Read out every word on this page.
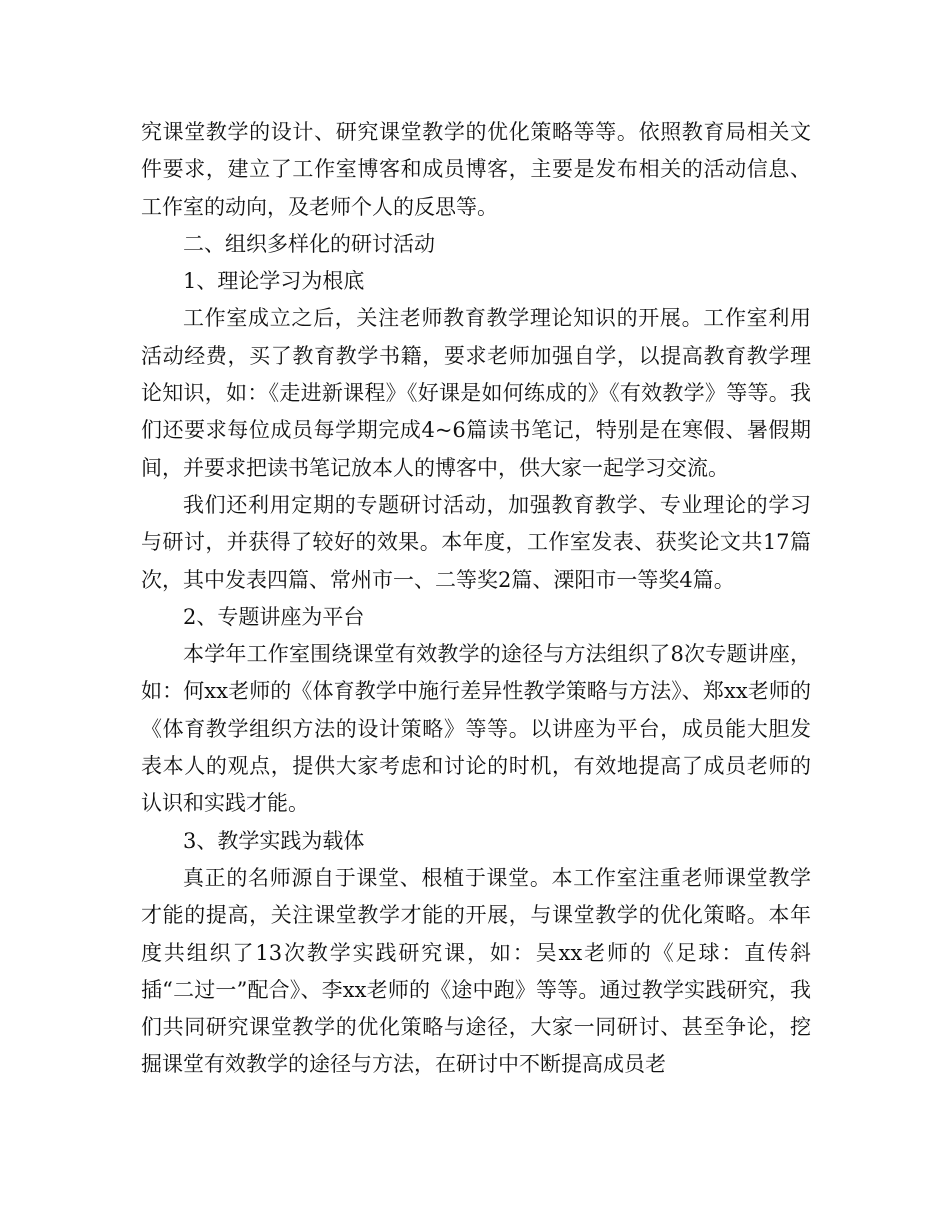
究课堂教学的设计、研究课堂教学的优化策略等等。依照教育局相关文件要求，建立了工作室博客和成员博客，主要是发布相关的活动信息、工作室的动向，及老师个人的反思等。

二、组织多样化的研讨活动

1、理论学习为根底

工作室成立之后，关注老师教育教学理论知识的开展。工作室利用活动经费，买了教育教学书籍，要求老师加强自学，以提高教育教学理论知识，如：《走进新课程》《好课是如何练成的》《有效教学》等等。我们还要求每位成员每学期完成4~6篇读书笔记，特别是在寒假、暑假期间，并要求把读书笔记放本人的博客中，供大家一起学习交流。

我们还利用定期的专题研讨活动，加强教育教学、专业理论的学习与研讨，并获得了较好的效果。本年度，工作室发表、获奖论文共17篇次，其中发表四篇、常州市一、二等奖2篇、溧阳市一等奖4篇。

2、专题讲座为平台

本学年工作室围绕课堂有效教学的途径与方法组织了8次专题讲座，如：何xx老师的《体育教学中施行差异性教学策略与方法》、郑xx老师的《体育教学组织方法的设计策略》等等。以讲座为平台，成员能大胆发表本人的观点，提供大家考虑和讨论的时机，有效地提高了成员老师的认识和实践才能。

3、教学实践为载体

真正的名师源自于课堂、根植于课堂。本工作室注重老师课堂教学才能的提高，关注课堂教学才能的开展，与课堂教学的优化策略。本年度共组织了13次教学实践研究课，如：吴xx老师的《足球：直传斜插“二过一”配合》、李xx老师的《途中跑》等等。通过教学实践研究，我们共同研究课堂教学的优化策略与途径，大家一同研讨、甚至争论，挖掘课堂有效教学的途径与方法，在研讨中不断提高成员老
